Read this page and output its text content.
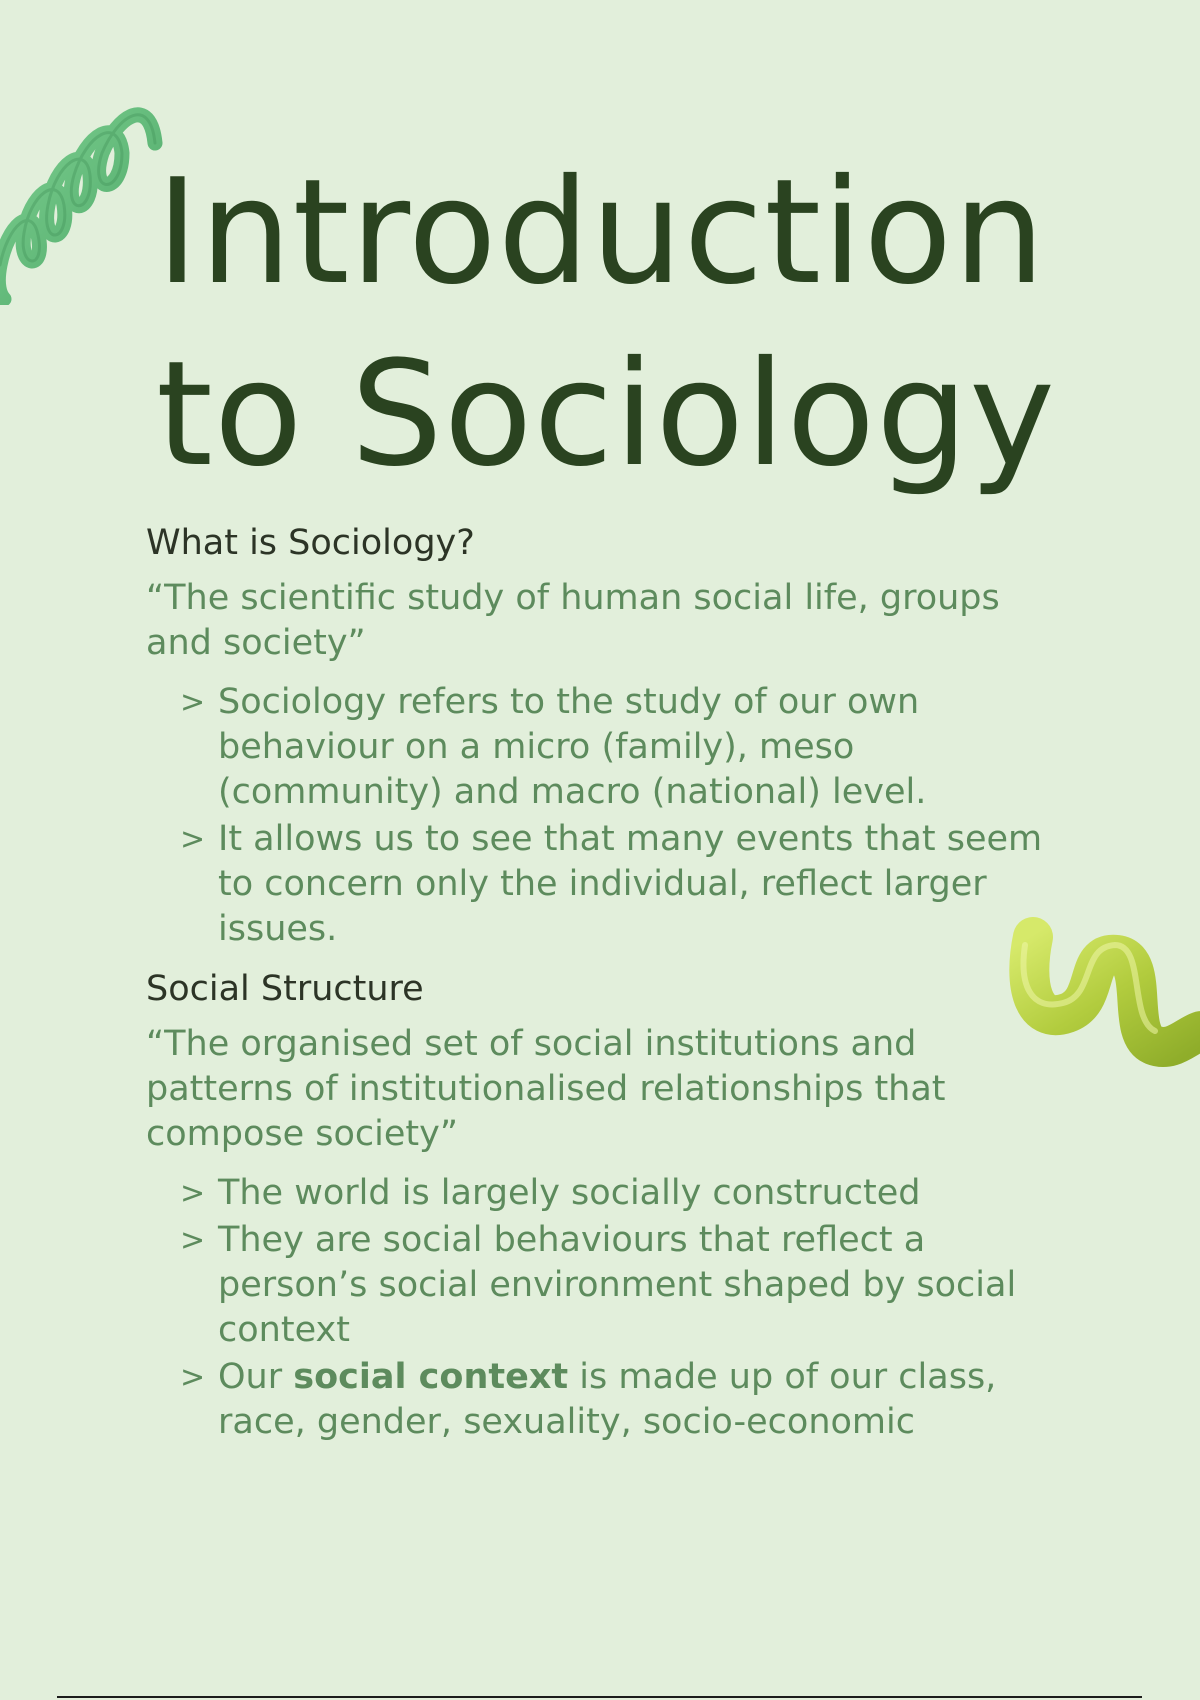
Introduction
to Sociology
What is Sociology?

“The scientific study of human social life, groups and society”

> Sociology refers to the study of our own behaviour on a micro (family), meso (community) and macro (national) level.
> It allows us to see that many events that seem to concern only the individual, reflect larger issues.
Social Structure

“The organised set of social institutions and patterns of institutionalised relationships that compose society”

> The world is largely socially constructed
> They are social behaviours that reflect a person’s social environment shaped by social context
> Our social context is made up of our class, race, gender, sexuality, socio-economic
